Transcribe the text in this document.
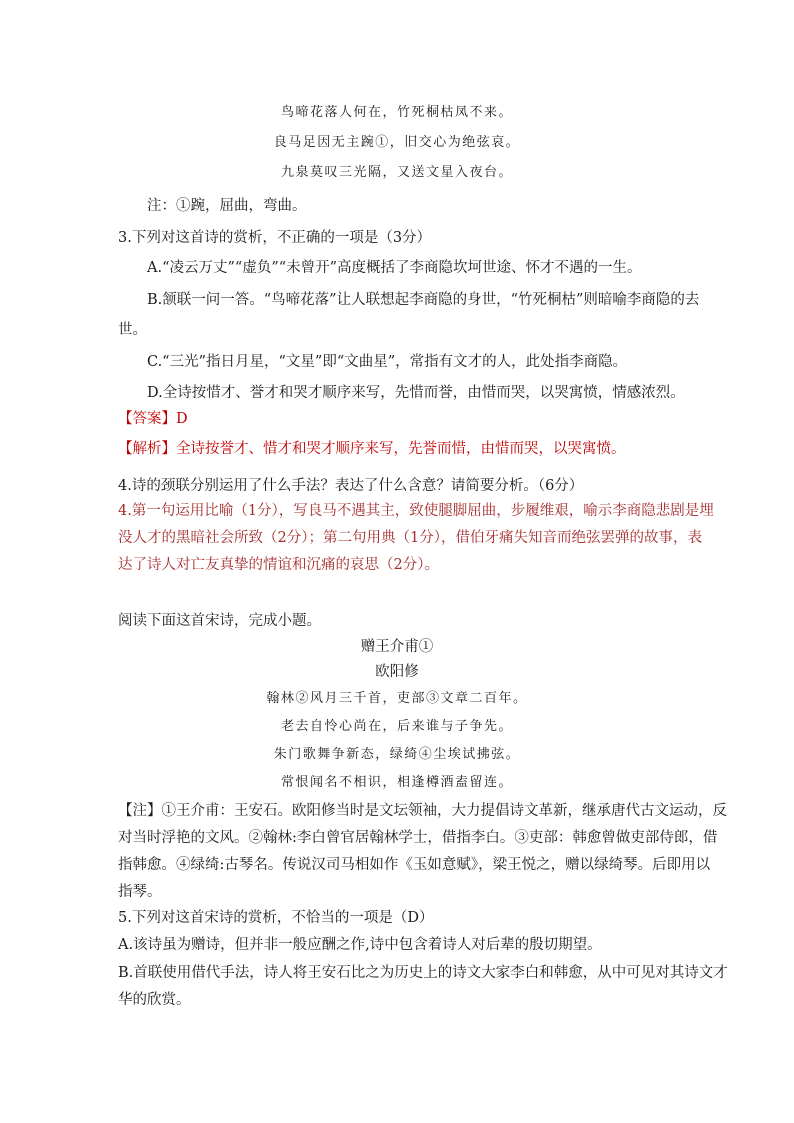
鸟啼花落人何在，竹死桐枯凤不来。
良马足因无主踠①，旧交心为绝弦哀。
九泉莫叹三光隔，又送文星入夜台。
注：①踠，屈曲，弯曲。
3.下列对这首诗的赏析，不正确的一项是（3分）
A.“凌云万丈”“虚负”“未曾开”高度概括了李商隐坎坷世途、怀才不遇的一生。
B.颔联一问一答。“鸟啼花落”让人联想起李商隐的身世，“竹死桐枯”则暗喻李商隐的去
世。
C.“三光”指日月星，“文星”即“文曲星”，常指有文才的人，此处指李商隐。
D.全诗按惜才、誉才和哭才顺序来写，先惜而誉，由惜而哭，以哭寓愤，情感浓烈。
【答案】D
【解析】全诗按誉才、惜才和哭才顺序来写，先誉而惜，由惜而哭，以哭寓愤。
4.诗的颈联分别运用了什么手法？表达了什么含意？请简要分析。（6分）
4.第一句运用比喻（1分），写良马不遇其主，致使腿脚屈曲，步履维艰，喻示李商隐悲剧是埋
没人才的黑暗社会所致（2分）；第二句用典（1分），借伯牙痛失知音而绝弦罢弹的故事，表
达了诗人对亡友真挚的情谊和沉痛的哀思（2分）。
阅读下面这首宋诗，完成小题。
赠王介甫①
欧阳修
翰林②风月三千首，吏部③文章二百年。
老去自怜心尚在，后来谁与子争先。
朱门歌舞争新态，绿绮④尘埃试拂弦。
常恨闻名不相识，相逢樽酒盍留连。
【注】①王介甫：王安石。欧阳修当时是文坛领袖，大力提倡诗文革新，继承唐代古文运动，反
对当时浮艳的文风。②翰林:李白曾官居翰林学士，借指李白。③吏部：韩愈曾做吏部侍郎，借
指韩愈。④绿绮:古琴名。传说汉司马相如作《玉如意赋》，梁王悦之，赠以绿绮琴。后即用以
指琴。
5.下列对这首宋诗的赏析，不恰当的一项是（D）
A.该诗虽为赠诗，但并非一般应酬之作,诗中包含着诗人对后辈的殷切期望。
B.首联使用借代手法，诗人将王安石比之为历史上的诗文大家李白和韩愈，从中可见对其诗文才
华的欣赏。
